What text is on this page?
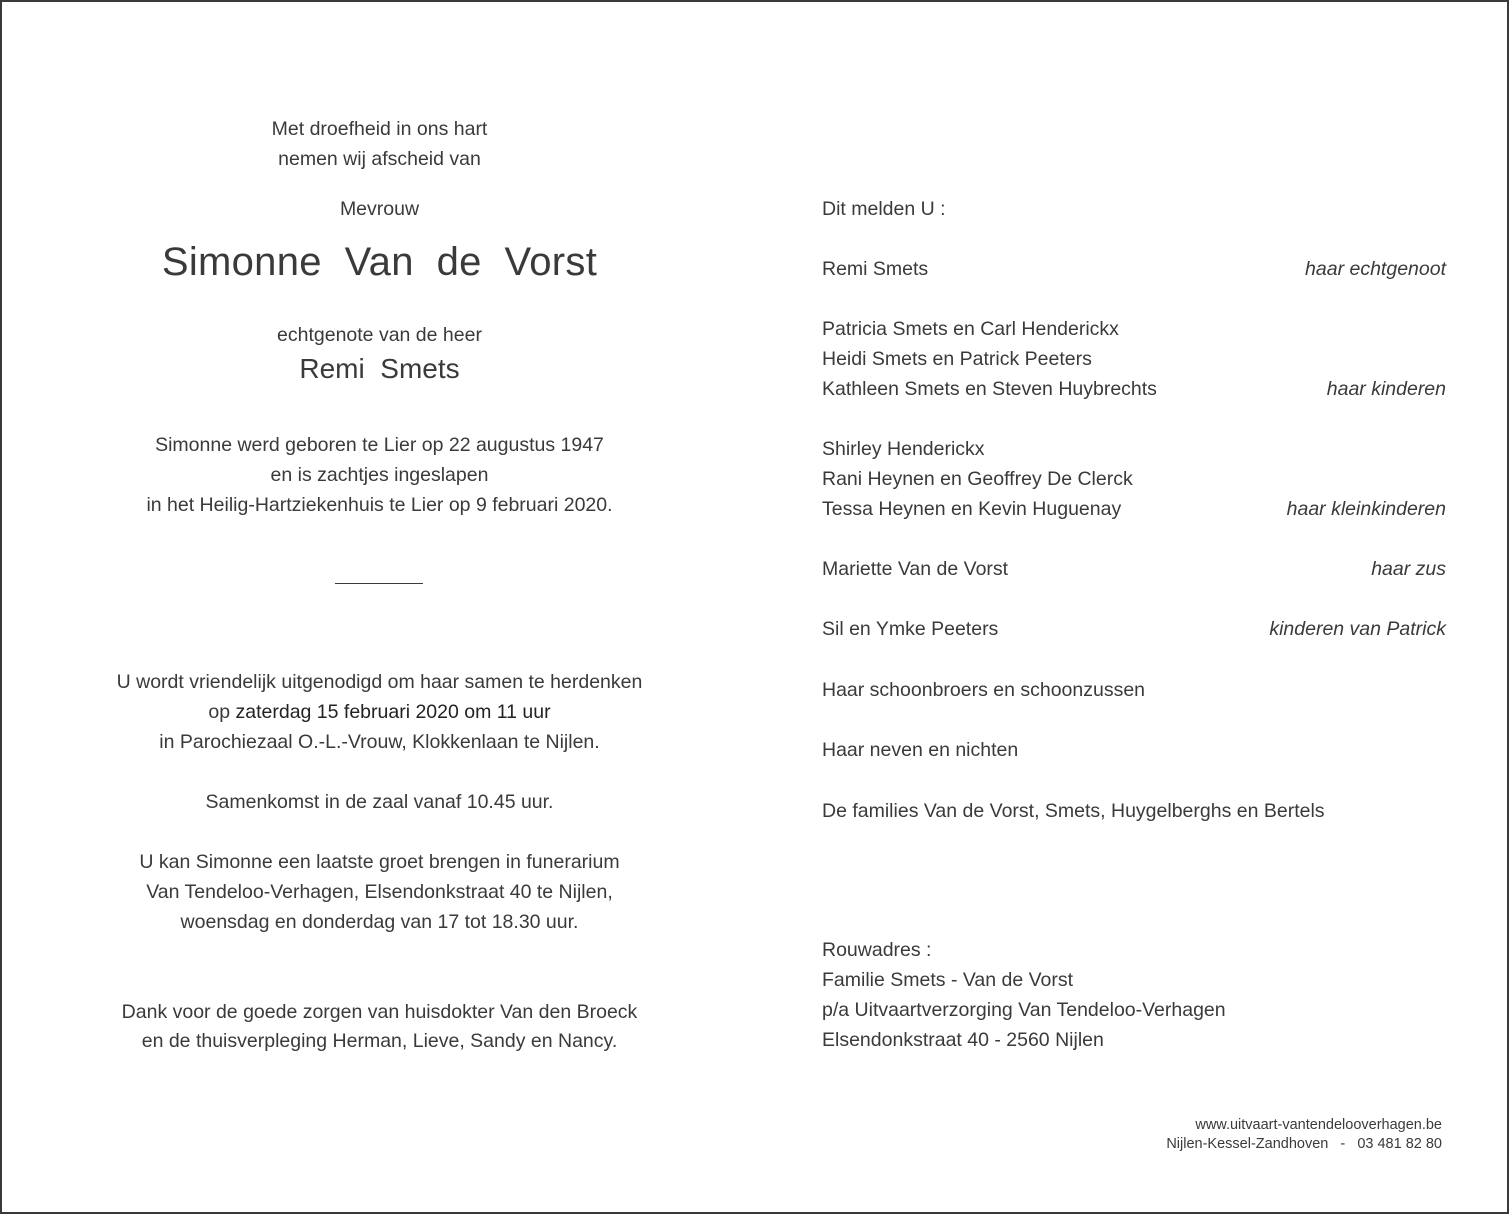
Met droefheid in ons hart
nemen wij afscheid van
Mevrouw
Simonne  Van  de  Vorst
echtgenote van de heer
Remi  Smets
Simonne werd geboren te Lier op 22 augustus 1947
en is zachtjes ingeslapen
in het Heilig-Hartziekenhuis te Lier op 9 februari 2020.
U wordt vriendelijk uitgenodigd om haar samen te herdenken
op zaterdag 15 februari 2020 om 11 uur
in Parochiezaal O.-L.-Vrouw, Klokkenlaan te Nijlen.
Samenkomst in de zaal vanaf 10.45 uur.
U kan Simonne een laatste groet brengen in funerarium
Van Tendeloo-Verhagen, Elsendonkstraat 40 te Nijlen,
woensdag en donderdag van 17 tot 18.30 uur.
Dank voor de goede zorgen van huisdokter Van den Broeck
en de thuisverpleging Herman, Lieve, Sandy en Nancy.
Dit melden U :
Remi Smets	haar echtgenoot
Patricia Smets en Carl Henderickx
Heidi Smets en Patrick Peeters
Kathleen Smets en Steven Huybrechts	haar kinderen
Shirley Henderickx
Rani Heynen en Geoffrey De Clerck
Tessa Heynen en Kevin Huguenay	haar kleinkinderen
Mariette Van de Vorst	haar zus
Sil en Ymke Peeters	kinderen van Patrick
Haar schoonbroers en schoonzussen
Haar neven en nichten
De families Van de Vorst, Smets, Huygelberghs en Bertels
Rouwadres :
Familie Smets - Van de Vorst
p/a Uitvaartverzorging Van Tendeloo-Verhagen
Elsendonkstraat 40 - 2560 Nijlen
www.uitvaart-vantendelooverhagen.be
Nijlen-Kessel-Zandhoven   -   03 481 82 80
